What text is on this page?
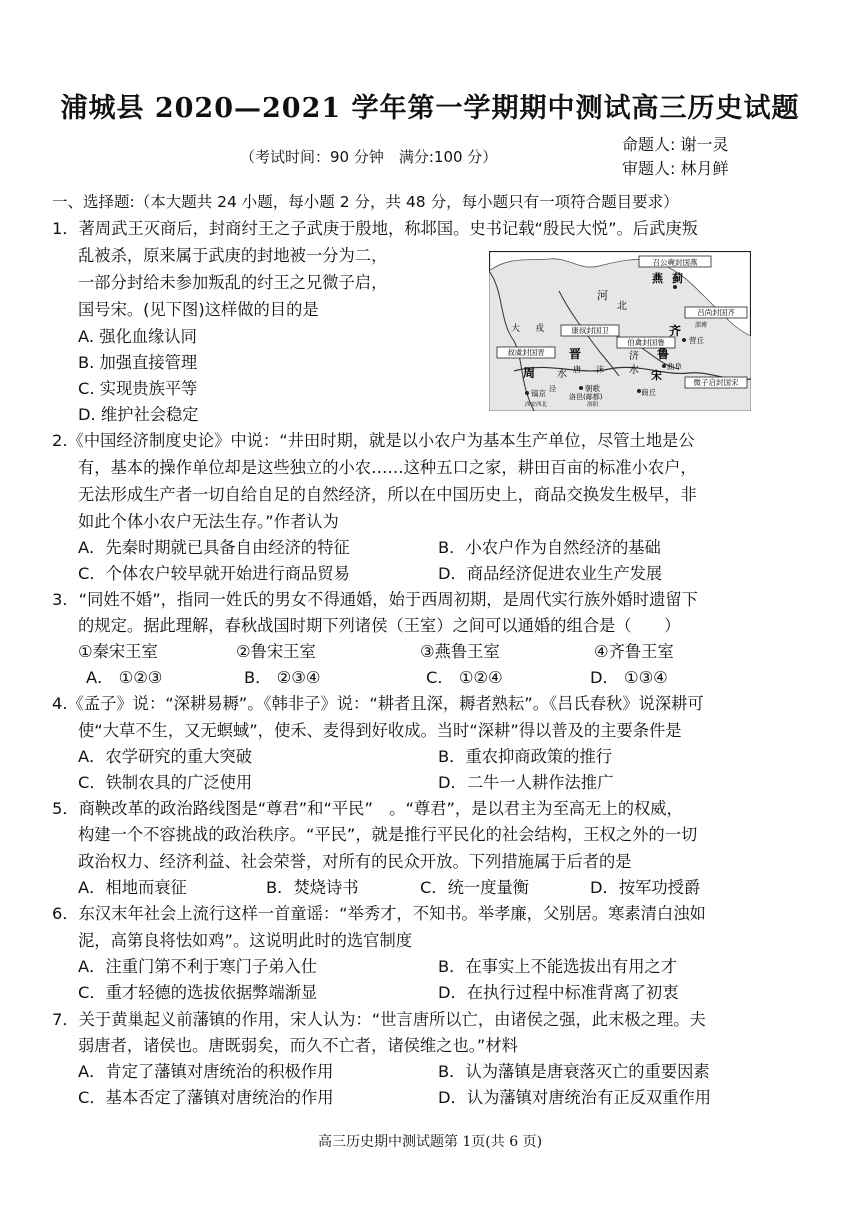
浦城县 2020—2021 学年第一学期期中测试高三历史试题
（考试时间：90 分钟　满分:100 分）
命题人: 谢一灵
审题人: 林月鲜
一、选择题:（本大题共 24 小题，每小题 2 分，共 48 分，每小题只有一项符合题目要求）
1．著周武王灭商后，封商纣王之子武庚于殷地，称邶国。史书记载“殷民大悦”。后武庚叛
乱被杀，原来属于武庚的封地被一分为二，
一部分封给未参加叛乱的纣王之兄微子启，
国号宋。(见下图)这样做的目的是
A. 强化血缘认同
B. 加强直接管理
C. 实现贵族平等
D. 维护社会稳定
召公奭封国燕
燕 蓟
河
北
大 戎	康叔封国卫
伯禽封国鲁
吕尚封国齐
齐
营丘
淄博
叔虞封国晋 晋
唐 沫
朝歌
济
水
鲁
曲阜
周 水	宋
商丘
微子启封国宋
镐京	洛邑(鄗都)
西安西北	洛阳
泾
2.《中国经济制度史论》中说：“井田时期，就是以小农户为基本生产单位，尽管土地是公
有，基本的操作单位却是这些独立的小农……这种五口之家，耕田百亩的标准小农户，
无法形成生产者一切自给自足的自然经济，所以在中国历史上，商品交换发生极早，非
如此个体小农户无法生存。”作者认为
A．先秦时期就已具备自由经济的特征	B．小农户作为自然经济的基础
C．个体农户较早就开始进行商品贸易	D．商品经济促进农业生产发展
3．“同姓不婚”，指同一姓氏的男女不得通婚，始于西周初期，是周代实行族外婚时遗留下
的规定。据此理解，春秋战国时期下列诸侯（王室）之间可以通婚的组合是（　　）
①秦宋王室	②鲁宋王室	③燕鲁王室	④齐鲁王室
A． ①②③	B． ②③④	C． ①②④	D． ①③④
4.《孟子》说：“深耕易耨”。《韩非子》说：“耕者且深，耨者熟耘”。《吕氏春秋》说深耕可
使“大草不生，又无螟蜮”，使禾、麦得到好收成。当时“深耕”得以普及的主要条件是
A．农学研究的重大突破	B．重农抑商政策的推行
C．铁制农具的广泛使用	D．二牛一人耕作法推广
5．商鞅改革的政治路线图是“尊君”和“平民”　。“尊君”，是以君主为至高无上的权威，
构建一个不容挑战的政治秩序。“平民”，就是推行平民化的社会结构，王权之外的一切
政治权力、经济利益、社会荣誉，对所有的民众开放。下列措施属于后者的是
A．相地而衰征	B．焚烧诗书	C．统一度量衡	D．按军功授爵
6．东汉末年社会上流行这样一首童谣：“举秀才，不知书。举孝廉，父别居。寒素清白浊如
泥，高第良将怯如鸡”。这说明此时的选官制度
A．注重门第不利于寒门子弟入仕	B．在事实上不能选拔出有用之才
C．重才轻德的选拔依据弊端渐显	D．在执行过程中标准背离了初衷
7．关于黄巢起义前藩镇的作用，宋人认为：“世言唐所以亡，由诸侯之强，此末极之理。夫
弱唐者，诸侯也。唐既弱矣，而久不亡者，诸侯维之也。”材料
A．肯定了藩镇对唐统治的积极作用	B．认为藩镇是唐衰落灭亡的重要因素
C．基本否定了藩镇对唐统治的作用	D．认为藩镇对唐统治有正反双重作用
高三历史期中测试题第 1页(共 6 页)
